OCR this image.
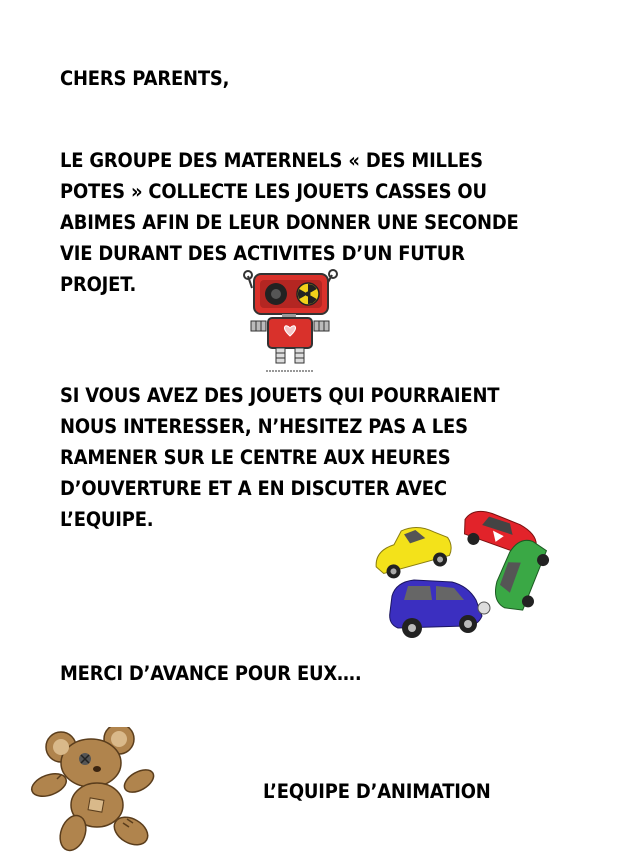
CHERS PARENTS,
LE GROUPE DES MATERNELS « DES MILLES
POTES » COLLECTE LES JOUETS CASSES OU
ABIMES AFIN DE LEUR DONNER UNE SECONDE
VIE DURANT DES ACTIVITES D’UN FUTUR
PROJET.
SI VOUS AVEZ DES JOUETS QUI POURRAIENT
NOUS INTERESSER, N’HESITEZ PAS A LES
RAMENER SUR LE CENTRE AUX HEURES
D’OUVERTURE ET A EN DISCUTER AVEC
L’EQUIPE.
MERCI D’AVANCE POUR EUX….
L’EQUIPE D’ANIMATION
